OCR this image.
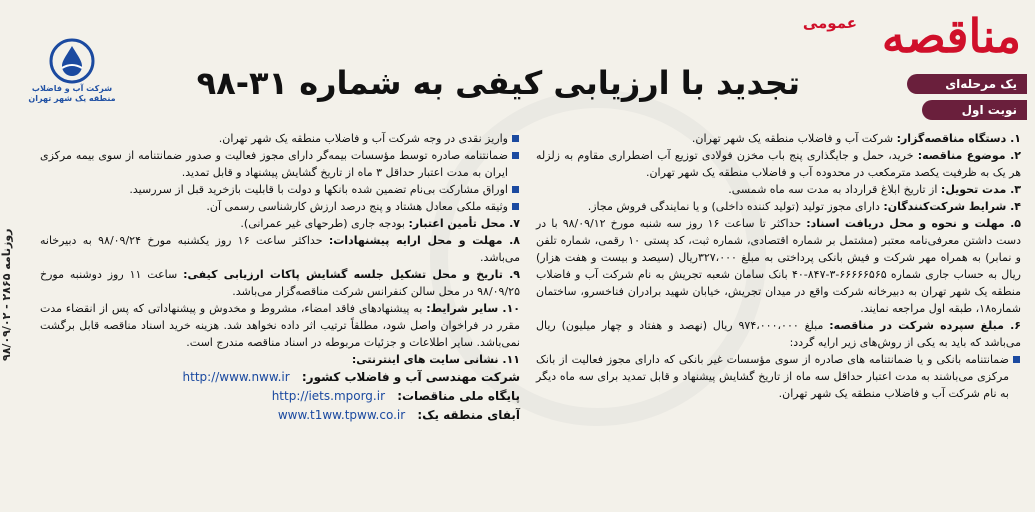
روزنامه ۲۸۶۵ - ۹۸/۰۹/۰۲
عمومی مناقصه
یک مرحله‌ای
نوبت اول
تجدید با ارزیابی کیفی به شماره ۳۱-۹۸
شرکت آب و فاضلاب
منطقه یک شهر تهران

۱. دستگاه مناقصه‌گزار: شرکت آب و فاضلاب منطقه یک شهر تهران.

۲. موضوع مناقصه: خرید، حمل و جایگذاری پنج باب مخزن فولادی توزیع آب اضطراری مقاوم به زلزله هر یک به ظرفیت یکصد مترمکعب در محدوده آب و فاضلاب منطقه یک شهر تهران.

۳. مدت تحویل: از تاریخ ابلاغ قرارداد به مدت سه ماه شمسی.

۴. شرایط شرکت‌کنندگان: دارای مجوز تولید (تولید کننده داخلی) و یا نمایندگی فروش مجاز.

۵. مهلت و نحوه و محل دریافت اسناد: حداکثر تا ساعت ۱۶ روز سه شنبه مورخ ۹۸/۰۹/۱۲ با در دست داشتن معرفی‌نامه معتبر (مشتمل بر شماره اقتصادی، شماره ثبت، کد پستی ۱۰ رقمی، شماره تلفن و نمابر) به همراه مهر شرکت و فیش بانکی پرداختی به مبلغ ۳۲۷،۰۰۰ریال (سیصد و بیست و هفت هزار) ریال به حساب جاری شماره ۶۶۶۶۶۵۶۵-۳-۸۴۷-۴۰ بانک سامان شعبه تجریش به نام شرکت آب و فاضلاب منطقه یک شهر تهران به دبیرخانه شرکت واقع در میدان تجریش، خیابان شهید برادران فناخسرو، ساختمان شماره۱۸، طبقه اول مراجعه نمایند.

۶. مبلغ سپرده شرکت در مناقصه: مبلغ ۹۷۴،۰۰۰،۰۰۰ ریال (نهصد و هفتاد و چهار میلیون) ریال می‌باشد که باید به یکی از روش‌های زیر ارایه گردد:

ضمانتنامه بانکی و یا ضمانتنامه های صادره از سوی مؤسسات غیر بانکی که دارای مجوز فعالیت از بانک مرکزی می‌باشند به مدت اعتبار حداقل سه ماه از تاریخ گشایش پیشنهاد و قابل تمدید برای سه ماه دیگر به نام شرکت آب و فاضلاب منطقه یک شهر تهران.

واریز نقدی در وجه شرکت آب و فاضلاب منطقه یک شهر تهران.

ضمانتنامه صادره توسط مؤسسات بیمه‌گر دارای مجوز فعالیت و صدور ضمانتنامه از سوی بیمه مرکزی ایران به مدت اعتبار حداقل ۳ ماه از تاریخ گشایش پیشنهاد و قابل تمدید.

اوراق مشارکت بی‌نام تضمین شده بانکها و دولت با قابلیت بازخرید قبل از سررسید.

وثیقه ملکی معادل هشتاد و پنج درصد ارزش کارشناسی رسمی آن.

۷. محل تأمین اعتبار: بودجه جاری (طرحهای غیر عمرانی).

۸. مهلت و محل ارایه پیشنهادات: حداکثر ساعت ۱۶ روز یکشنبه مورخ ۹۸/۰۹/۲۴ به دبیرخانه می‌باشد.

۹. تاریخ و محل تشکیل جلسه گشایش پاکات ارزیابی کیفی: ساعت ۱۱ روز دوشنبه مورخ ۹۸/۰۹/۲۵ در محل سالن کنفرانس شرکت مناقصه‌گزار می‌باشد.

۱۰. سایر شرایط: به پیشنهادهای فاقد امضاء، مشروط و مخدوش و پیشنهاداتی که پس از انقضاء مدت مقرر در فراخوان واصل شود، مطلقاً ترتیب اثر داده نخواهد شد. هزینه خرید اسناد مناقصه قابل برگشت نمی‌باشد. سایر اطلاعات و جزئیات مربوطه در اسناد مناقصه مندرج است.

۱۱. نشانی سایت های اینترنتی:

شرکت مهندسی آب و فاضلاب کشور: http://www.nww.ir
پایگاه ملی مناقصات: http://iets.mporg.ir
آبفای منطقه یک: www.t1ww.tpww.co.ir
